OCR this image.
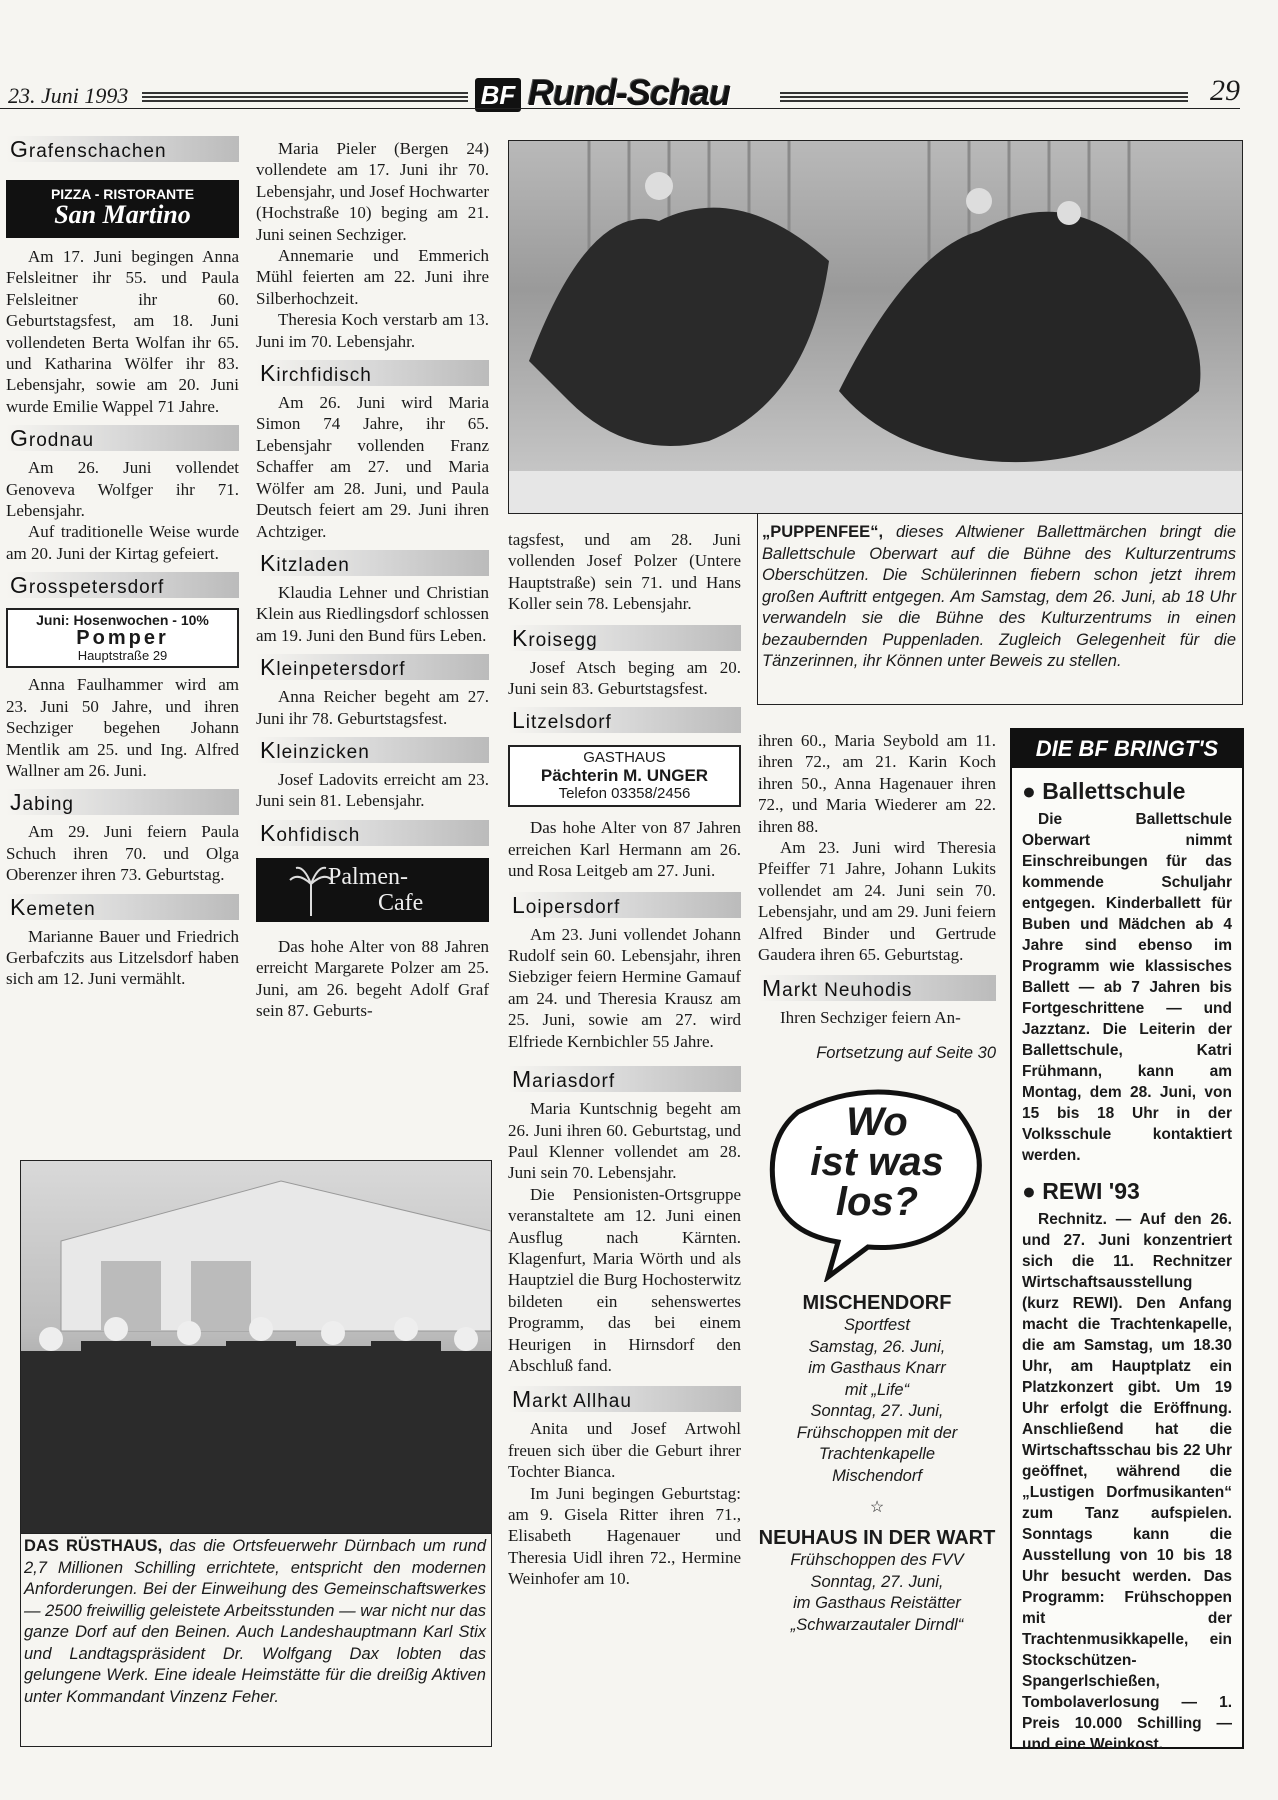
23. Juni 1993	BF Rund-Schau	29
Grafenschachen
PIZZA - RISTORANTE
San Martino

Am 17. Juni begingen Anna Felsleitner ihr 55. und Paula Felsleitner ihr 60. Geburtstagsfest, am 18. Juni vollendeten Berta Wolfan ihr 65. und Katharina Wölfer ihr 83. Lebensjahr, sowie am 20. Juni wurde Emilie Wappel 71 Jahre.

Grodnau

Am 26. Juni vollendet Genoveva Wolfger ihr 71. Lebensjahr.

Auf traditionelle Weise wurde am 20. Juni der Kirtag gefeiert.

Grosspetersdorf
Juni: Hosenwochen - 10%
Pomper
Hauptstraße 29

Anna Faulhammer wird am 23. Juni 50 Jahre, und ihren Sechziger begehen Johann Mentlik am 25. und Ing. Alfred Wallner am 26. Juni.

Jabing

Am 29. Juni feiern Paula Schuch ihren 70. und Olga Oberenzer ihren 73. Geburtstag.

Kemeten

Marianne Bauer und Friedrich Gerbafczits aus Litzelsdorf haben sich am 12. Juni vermählt.

Maria Pieler (Bergen 24) vollendete am 17. Juni ihr 70. Lebensjahr, und Josef Hochwarter (Hochstraße 10) beging am 21. Juni seinen Sechziger.

Annemarie und Emmerich Mühl feierten am 22. Juni ihre Silberhochzeit.

Theresia Koch verstarb am 13. Juni im 70. Lebensjahr.

Kirchfidisch

Am 26. Juni wird Maria Simon 74 Jahre, ihr 65. Lebensjahr vollenden Franz Schaffer am 27. und Maria Wölfer am 28. Juni, und Paula Deutsch feiert am 29. Juni ihren Achtziger.

Kitzladen

Klaudia Lehner und Christian Klein aus Riedlingsdorf schlossen am 19. Juni den Bund fürs Leben.

Kleinpetersdorf

Anna Reicher begeht am 27. Juni ihr 78. Geburtstagsfest.

Kleinzicken

Josef Ladovits erreicht am 23. Juni sein 81. Lebensjahr.

Kohfidisch
Palmen-
Cafe

Das hohe Alter von 88 Jahren erreicht Margarete Polzer am 25. Juni, am 26. begeht Adolf Graf sein 87. Geburts-

„PUPPENFEE“, dieses Altwiener Ballettmärchen bringt die Ballettschule Oberwart auf die Bühne des Kulturzentrums Oberschützen. Die Schülerinnen fiebern schon jetzt ihrem großen Auftritt entgegen. Am Samstag, dem 26. Juni, ab 18 Uhr verwandeln sie die Bühne des Kulturzentrums in einen bezaubernden Puppenladen. Zugleich Gelegenheit für die Tänzerinnen, ihr Können unter Beweis zu stellen.

tagsfest, und am 28. Juni vollenden Josef Polzer (Untere Hauptstraße) sein 71. und Hans Koller sein 78. Lebensjahr.

Kroisegg

Josef Atsch beging am 20. Juni sein 83. Geburtstagsfest.

Litzelsdorf
GASTHAUS
Pächterin M. UNGER
Telefon 03358/2456

Das hohe Alter von 87 Jahren erreichen Karl Hermann am 26. und Rosa Leitgeb am 27. Juni.

Loipersdorf

Am 23. Juni vollendet Johann Rudolf sein 60. Lebensjahr, ihren Siebziger feiern Hermine Gamauf am 24. und Theresia Krausz am 25. Juni, sowie am 27. wird Elfriede Kernbichler 55 Jahre.

Mariasdorf

Maria Kuntschnig begeht am 26. Juni ihren 60. Geburtstag, und Paul Klenner vollendet am 28. Juni sein 70. Lebensjahr.

Die Pensionisten-Ortsgruppe veranstaltete am 12. Juni einen Ausflug nach Kärnten. Klagenfurt, Maria Wörth und als Hauptziel die Burg Hochosterwitz bildeten ein sehenswertes Programm, das bei einem Heurigen in Hirnsdorf den Abschluß fand.

Markt Allhau

Anita und Josef Artwohl freuen sich über die Geburt ihrer Tochter Bianca.

Im Juni begingen Geburtstag: am 9. Gisela Ritter ihren 71., Elisabeth Hagenauer und Theresia Uidl ihren 72., Hermine Weinhofer am 10.

ihren 60., Maria Seybold am 11. ihren 72., am 21. Karin Koch ihren 50., Anna Hagenauer ihren 72., und Maria Wiederer am 22. ihren 88.

Am 23. Juni wird Theresia Pfeiffer 71 Jahre, Johann Lukits vollendet am 24. Juni sein 70. Lebensjahr, und am 29. Juni feiern Alfred Binder und Gertrude Gaudera ihren 65. Geburtstag.

Markt Neuhodis

Ihren Sechziger feiern An-

Fortsetzung auf Seite 30
Wo
ist was
los?
MISCHENDORF
Sportfest
Samstag, 26. Juni,
im Gasthaus Knarr
mit „Life“
Sonntag, 27. Juni,
Frühschoppen mit der
Trachtenkapelle
Mischendorf
☆
NEUHAUS IN DER WART
Frühschoppen des FVV
Sonntag, 27. Juni,
im Gasthaus Reistätter
„Schwarzautaler Dirndl“
DIE BF BRINGT'S
● Ballettschule
Die Ballettschule Oberwart nimmt Einschreibungen für das kommende Schuljahr entgegen. Kinderballett für Buben und Mädchen ab 4 Jahre sind ebenso im Programm wie klassisches Ballett — ab 7 Jahren bis Fortgeschrittene — und Jazztanz. Die Leiterin der Ballettschule, Katri Frühmann, kann am Montag, dem 28. Juni, von 15 bis 18 Uhr in der Volksschule kontaktiert werden.
● REWI '93
Rechnitz. — Auf den 26. und 27. Juni konzentriert sich die 11. Rechnitzer Wirtschaftsausstellung (kurz REWI). Den Anfang macht die Trachtenkapelle, die am Samstag, um 18.30 Uhr, am Hauptplatz ein Platzkonzert gibt. Um 19 Uhr erfolgt die Eröffnung. Anschließend hat die Wirtschaftsschau bis 22 Uhr geöffnet, während die „Lustigen Dorfmusikanten“ zum Tanz aufspielen. Sonntags kann die Ausstellung von 10 bis 18 Uhr besucht werden. Das Programm: Frühschoppen mit der Trachtenmusikkapelle, ein Stockschützen-Spangerlschießen, Tombolaverlosung — 1. Preis 10.000 Schilling — und eine Weinkost.
DAS RÜSTHAUS, das die Ortsfeuerwehr Dürnbach um rund 2,7 Millionen Schilling errichtete, entspricht den modernen Anforderungen. Bei der Einweihung des Gemeinschaftswerkes — 2500 freiwillig geleistete Arbeitsstunden — war nicht nur das ganze Dorf auf den Beinen. Auch Landeshauptmann Karl Stix und Landtagspräsident Dr. Wolfgang Dax lobten das gelungene Werk. Eine ideale Heimstätte für die dreißig Aktiven unter Kommandant Vinzenz Feher.
